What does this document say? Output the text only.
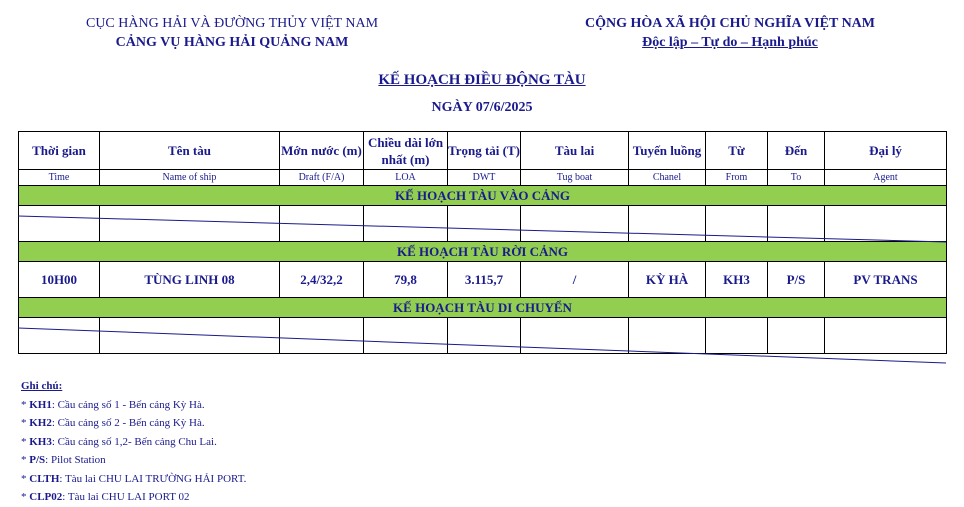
CỤC HÀNG HẢI VÀ ĐƯỜNG THỦY VIỆT NAM
CẢNG VỤ HÀNG HẢI QUẢNG NAM
CỘNG HÒA XÃ HỘI CHỦ NGHĨA VIỆT NAM
Độc lập – Tự do – Hạnh phúc
KẾ HOẠCH ĐIỀU ĐỘNG TÀU
NGÀY 07/6/2025
Thời gian	Tên tàu	Mớn nước (m)	Chiều dài lớn nhất (m)	Trọng tải (T)	Tàu lai	Tuyến luồng	Từ	Đến	Đại lý
Time	Name of ship	Draft (F/A)	LOA	DWT	Tug boat	Chanel	From	To	Agent
KẾ HOẠCH TÀU VÀO CẢNG									

KẾ HOẠCH TÀU RỜI CẢNG									
10H00	TÙNG LINH 08	2,4/32,2	79,8	3.115,7	/	KỲ HÀ	KH3	P/S	PV TRANS
KẾ HOẠCH TÀU DI CHUYỂN									

Ghi chú:
* KH1: Cầu cảng số 1 - Bến cảng Kỳ Hà.
* KH2: Cầu cảng số 2 - Bến cảng Kỳ Hà.
* KH3: Cầu cảng số 1,2- Bến cảng Chu Lai.
* P/S: Pilot Station
* CLTH: Tàu lai CHU LAI TRƯỜNG HẢI PORT.
* CLP02: Tàu lai CHU LAI PORT 02
